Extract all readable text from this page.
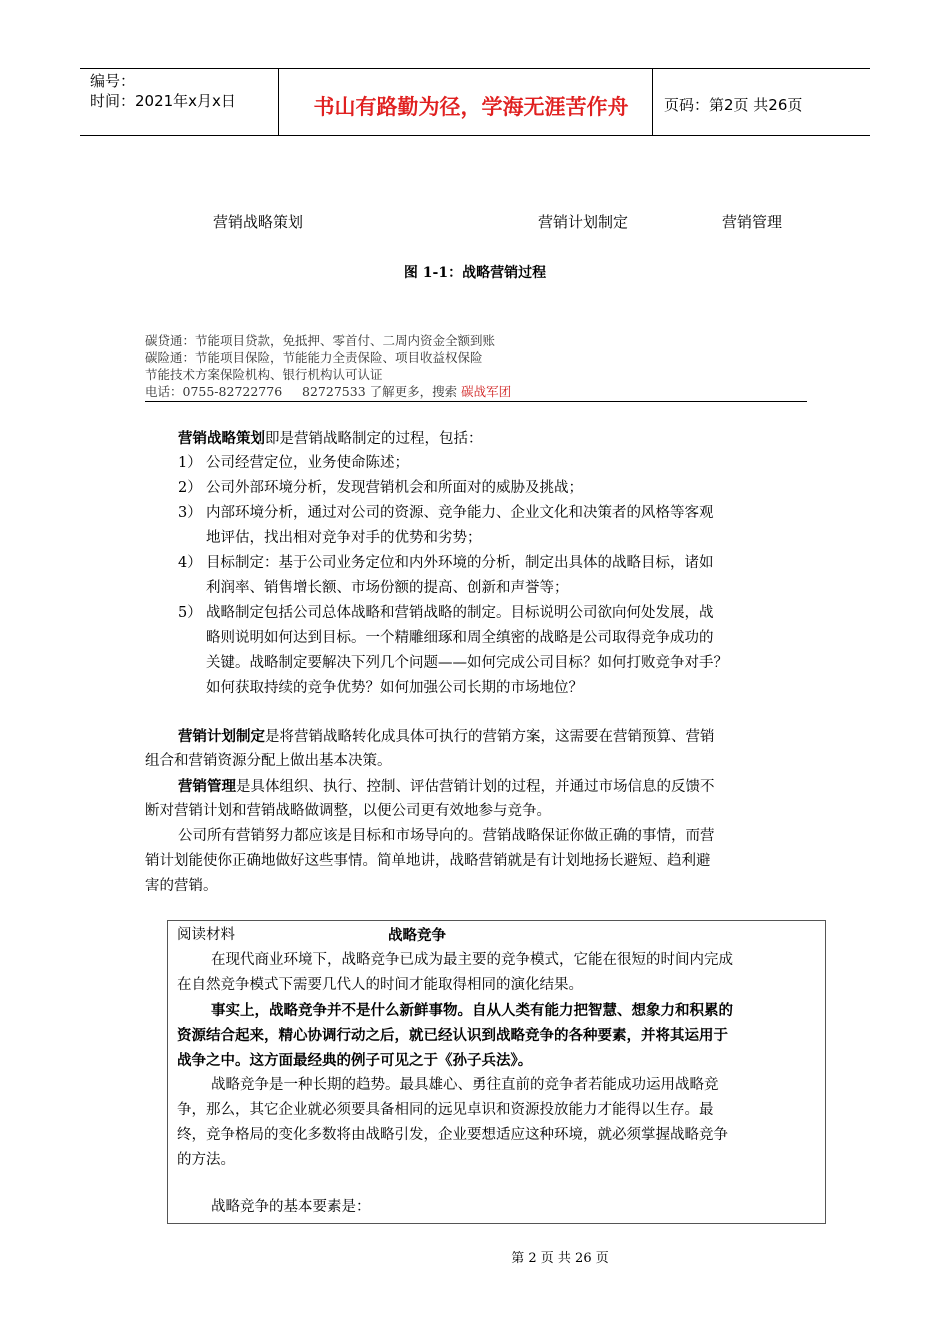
编号：
时间：2021年x月x日	书山有路勤为径，学海无涯苦作舟	页码：第2页 共26页
营销战略策划	营销计划制定	营销管理
图 1-1：战略营销过程
碳贷通：节能项目贷款，免抵押、零首付、二周内资金全额到账
碳险通：节能项目保险，节能能力全责保险、项目收益权保险
节能技术方案保险机构、银行机构认可认证
电话：0755-82722776     82727533 了解更多，搜索 碳战军团
营销战略策划即是营销战略制定的过程，包括：
1） 公司经营定位，业务使命陈述；
2） 公司外部环境分析，发现营销机会和所面对的威胁及挑战；
3） 内部环境分析，通过对公司的资源、竞争能力、企业文化和决策者的风格等客观
地评估，找出相对竞争对手的优势和劣势；
4） 目标制定：基于公司业务定位和内外环境的分析，制定出具体的战略目标，诸如
利润率、销售增长额、市场份额的提高、创新和声誉等；
5） 战略制定包括公司总体战略和营销战略的制定。目标说明公司欲向何处发展，战
略则说明如何达到目标。一个精雕细琢和周全缜密的战略是公司取得竞争成功的
关键。战略制定要解决下列几个问题——如何完成公司目标？如何打败竞争对手？
如何获取持续的竞争优势？如何加强公司长期的市场地位？
营销计划制定是将营销战略转化成具体可执行的营销方案，这需要在营销预算、营销
组合和营销资源分配上做出基本决策。
营销管理是具体组织、执行、控制、评估营销计划的过程，并通过市场信息的反馈不
断对营销计划和营销战略做调整，以便公司更有效地参与竞争。
公司所有营销努力都应该是目标和市场导向的。营销战略保证你做正确的事情，而营
销计划能使你正确地做好这些事情。简单地讲，战略营销就是有计划地扬长避短、趋利避
害的营销。
阅读材料	战略竞争
在现代商业环境下，战略竞争已成为最主要的竞争模式，它能在很短的时间内完成
在自然竞争模式下需要几代人的时间才能取得相同的演化结果。
事实上，战略竞争并不是什么新鲜事物。自从人类有能力把智慧、想象力和积累的
资源结合起来，精心协调行动之后，就已经认识到战略竞争的各种要素，并将其运用于
战争之中。这方面最经典的例子可见之于《孙子兵法》。
战略竞争是一种长期的趋势。最具雄心、勇往直前的竞争者若能成功运用战略竞
争，那么，其它企业就必须要具备相同的远见卓识和资源投放能力才能得以生存。最
终，竞争格局的变化多数将由战略引发，企业要想适应这种环境，就必须掌握战略竞争
的方法。
战略竞争的基本要素是：
第 2 页 共 26 页
